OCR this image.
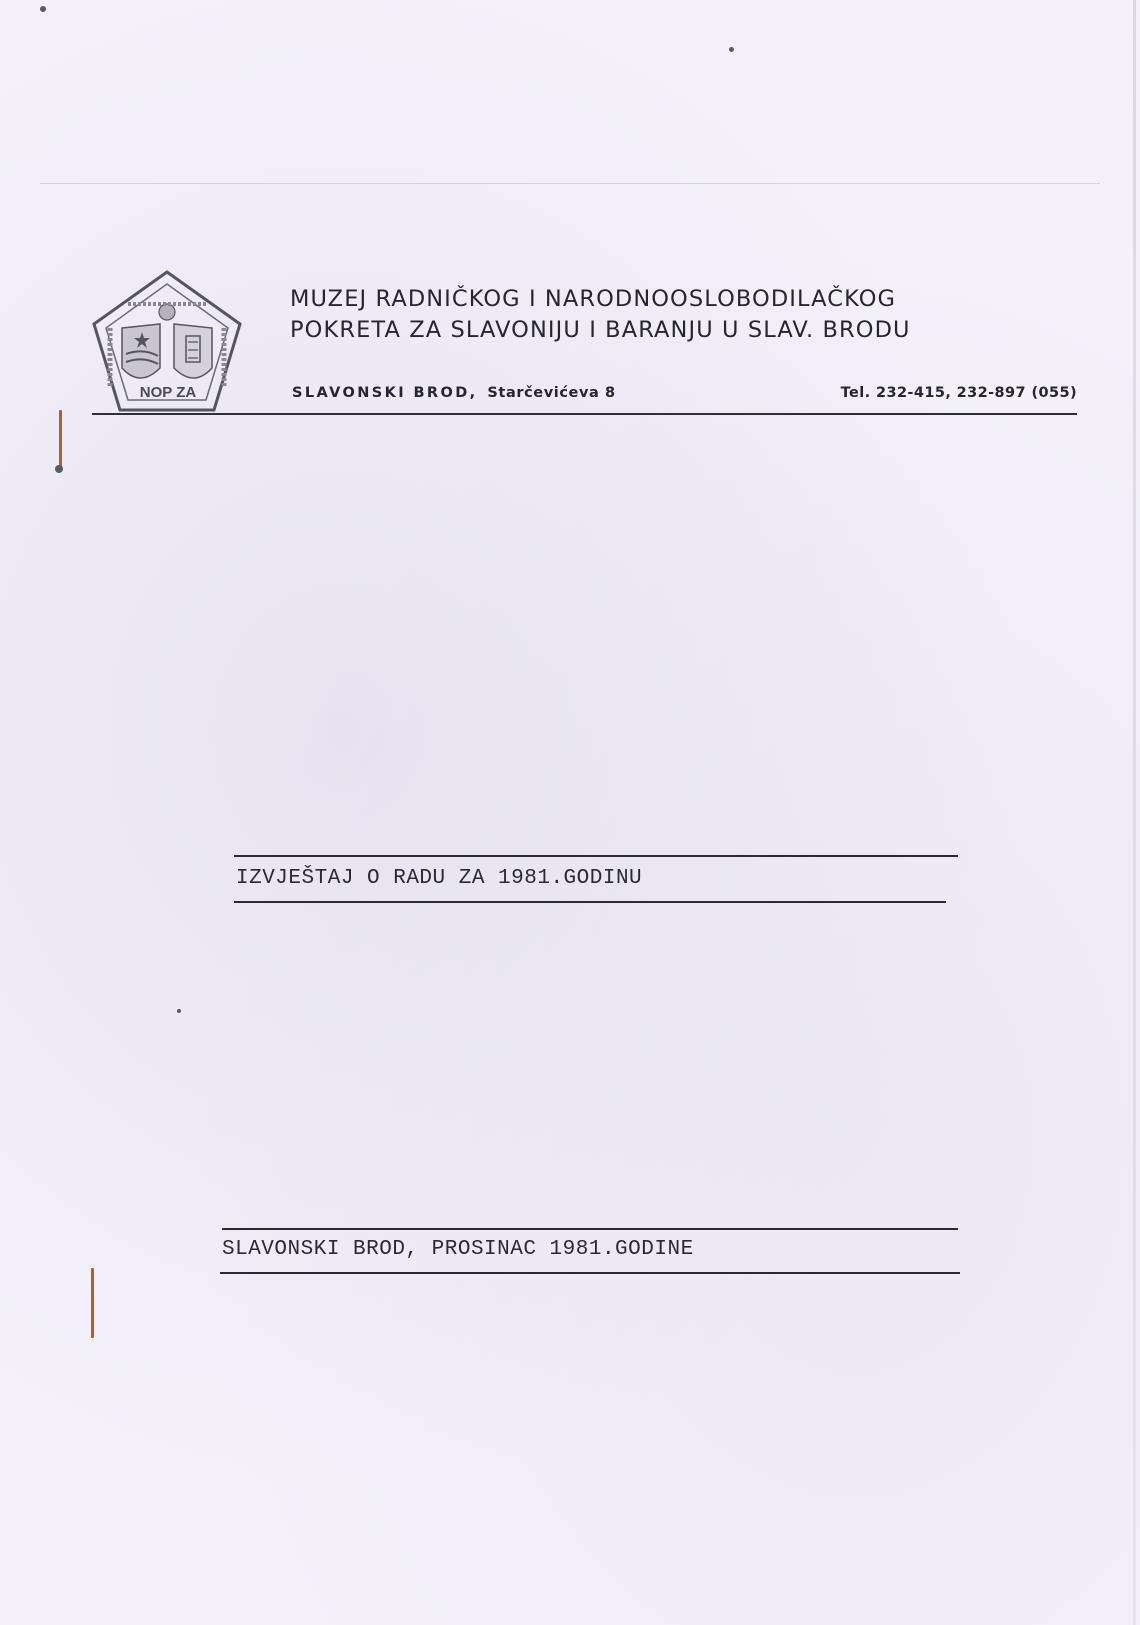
NOP ZA
MUZEJ RADNIČKOG I NARODNOOSLOBODILAČKOG
POKRETA ZA SLAVONIJU I BARANJU U SLAV. BRODU
SLAVONSKI BROD, Starčevićeva 8	Tel. 232-415, 232-897 (055)
IZVJEŠTAJ O RADU ZA 1981.GODINU
SLAVONSKI BROD, PROSINAC 1981.GODINE
